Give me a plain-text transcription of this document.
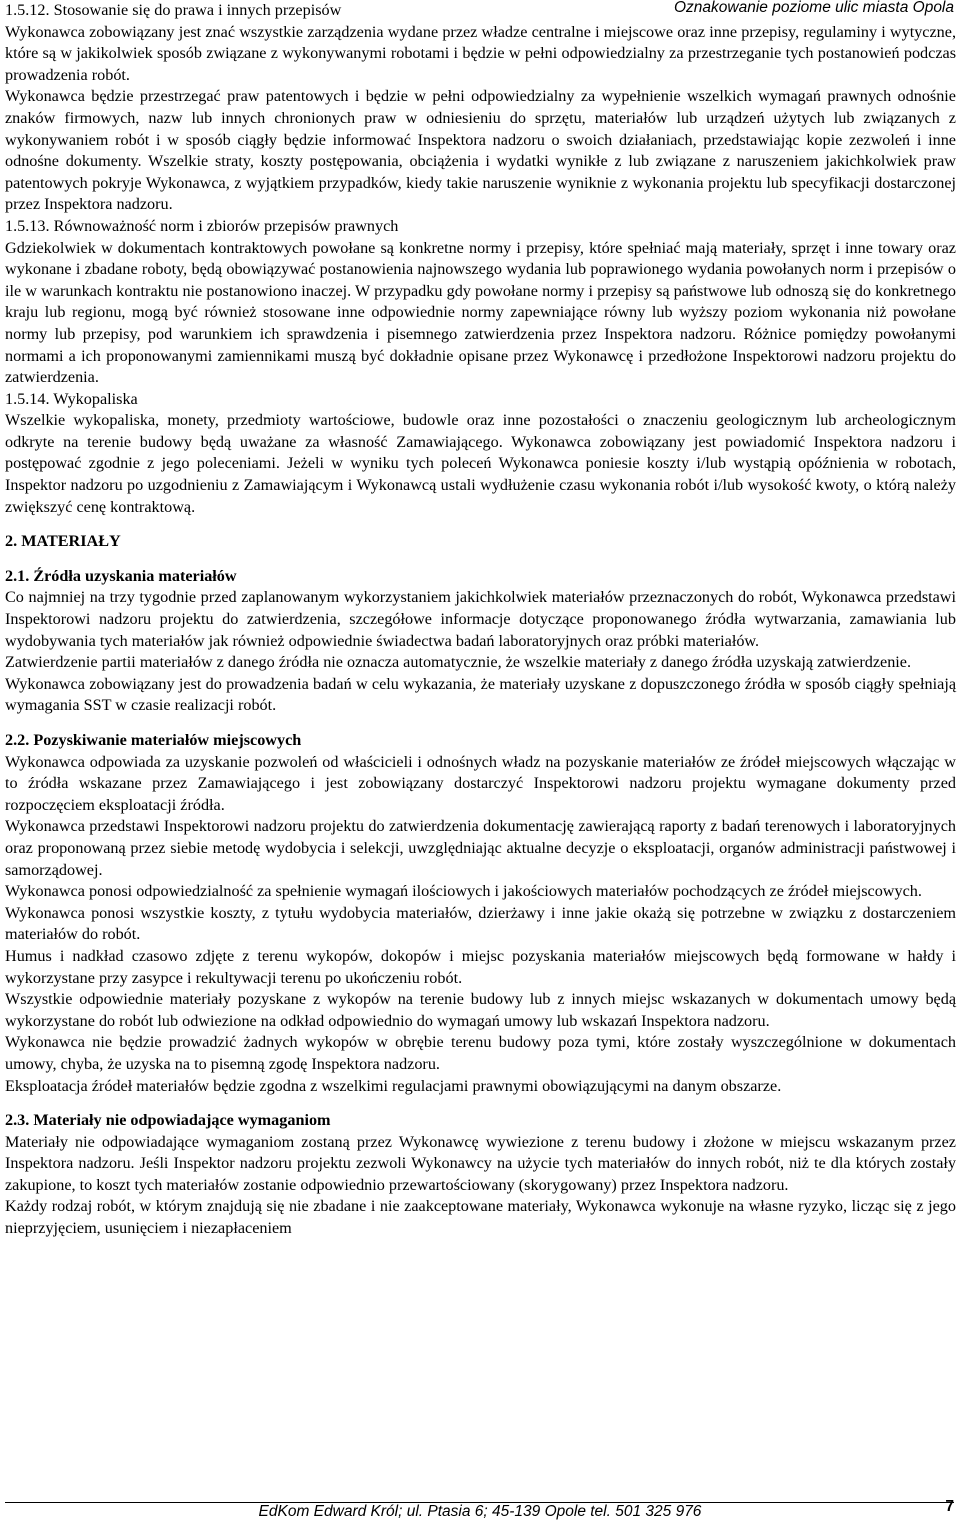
Oznakowanie poziome ulic miasta Opola

1.5.12. Stosowanie się do prawa i innych przepisów

Wykonawca zobowiązany jest znać wszystkie zarządzenia wydane przez władze centralne i miejscowe oraz inne przepisy, regulaminy i wytyczne, które są w jakikolwiek sposób związane z wykonywanymi robotami i będzie w pełni odpowiedzialny za przestrzeganie tych postanowień podczas prowadzenia robót.

Wykonawca będzie przestrzegać praw patentowych i będzie w pełni odpowiedzialny za wypełnienie wszelkich wymagań prawnych odnośnie znaków firmowych, nazw lub innych chronionych praw w odniesieniu do sprzętu, materiałów lub urządzeń użytych lub związanych z wykonywaniem robót i w sposób ciągły będzie informować Inspektora nadzoru o swoich działaniach, przedstawiając kopie zezwoleń i inne odnośne dokumenty. Wszelkie straty, koszty postępowania, obciążenia i wydatki wynikłe z lub związane z naruszeniem jakichkolwiek praw patentowych pokryje Wykonawca, z wyjątkiem przypadków, kiedy takie naruszenie wyniknie z wykonania projektu lub specyfikacji dostarczonej przez Inspektora nadzoru.

1.5.13. Równoważność norm i zbiorów przepisów prawnych

Gdziekolwiek w dokumentach kontraktowych powołane są konkretne normy i przepisy, które spełniać mają materiały, sprzęt i inne towary oraz wykonane i zbadane roboty, będą obowiązywać postanowienia najnowszego wydania lub poprawionego wydania powołanych norm i przepisów o ile w warunkach kontraktu nie postanowiono inaczej. W przypadku gdy powołane normy i przepisy są państwowe lub odnoszą się do konkretnego kraju lub regionu, mogą być również stosowane inne odpowiednie normy zapewniające równy lub wyższy poziom wykonania niż powołane normy lub przepisy, pod warunkiem ich sprawdzenia i pisemnego zatwierdzenia przez Inspektora nadzoru. Różnice pomiędzy powołanymi normami a ich proponowanymi zamiennikami muszą być dokładnie opisane przez Wykonawcę i przedłożone Inspektorowi nadzoru projektu do zatwierdzenia.

1.5.14. Wykopaliska

Wszelkie wykopaliska, monety, przedmioty wartościowe, budowle oraz inne pozostałości o znaczeniu geologicznym lub archeologicznym odkryte na terenie budowy będą uważane za własność Zamawiającego. Wykonawca zobowiązany jest powiadomić Inspektora nadzoru i postępować zgodnie z jego poleceniami. Jeżeli w wyniku tych poleceń Wykonawca poniesie koszty i/lub wystąpią opóźnienia w robotach, Inspektor nadzoru po uzgodnieniu z Zamawiającym i Wykonawcą ustali wydłużenie czasu wykonania robót i/lub wysokość kwoty, o którą należy zwiększyć cenę kontraktową.

2. MATERIAŁY

2.1. Źródła uzyskania materiałów

Co najmniej na trzy tygodnie przed zaplanowanym wykorzystaniem jakichkolwiek materiałów przeznaczonych do robót, Wykonawca przedstawi Inspektorowi nadzoru projektu do zatwierdzenia, szczegółowe informacje dotyczące proponowanego źródła wytwarzania, zamawiania lub wydobywania tych materiałów jak również odpowiednie świadectwa badań laboratoryjnych oraz próbki materiałów.

Zatwierdzenie partii materiałów z danego źródła nie oznacza automatycznie, że wszelkie materiały z danego źródła uzyskają zatwierdzenie.

Wykonawca zobowiązany jest do prowadzenia badań w celu wykazania, że materiały uzyskane z dopuszczonego źródła w sposób ciągły spełniają wymagania SST w czasie realizacji robót.

2.2. Pozyskiwanie materiałów miejscowych

Wykonawca odpowiada za uzyskanie pozwoleń od właścicieli i odnośnych władz na pozyskanie materiałów ze źródeł miejscowych włączając w to źródła wskazane przez Zamawiającego i jest zobowiązany dostarczyć Inspektorowi nadzoru projektu wymagane dokumenty przed rozpoczęciem eksploatacji źródła.

Wykonawca przedstawi Inspektorowi nadzoru projektu do zatwierdzenia dokumentację zawierającą raporty z badań terenowych i laboratoryjnych oraz proponowaną przez siebie metodę wydobycia i selekcji, uwzględniając aktualne decyzje o eksploatacji, organów administracji państwowej i samorządowej.

Wykonawca ponosi odpowiedzialność za spełnienie wymagań ilościowych i jakościowych materiałów pochodzących ze źródeł miejscowych.

Wykonawca ponosi wszystkie koszty, z tytułu wydobycia materiałów, dzierżawy i inne jakie okażą się potrzebne w związku z dostarczeniem materiałów do robót.

Humus i nadkład czasowo zdjęte z terenu wykopów, dokopów i miejsc pozyskania materiałów miejscowych będą formowane w hałdy i wykorzystane przy zasypce i rekultywacji terenu po ukończeniu robót.

Wszystkie odpowiednie materiały pozyskane z wykopów na terenie budowy lub z innych miejsc wskazanych w dokumentach umowy będą wykorzystane do robót lub odwiezione na odkład odpowiednio do wymagań umowy lub wskazań Inspektora nadzoru.

Wykonawca nie będzie prowadzić żadnych wykopów w obrębie terenu budowy poza tymi, które zostały wyszczególnione w dokumentach umowy, chyba, że uzyska na to pisemną zgodę Inspektora nadzoru.

Eksploatacja źródeł materiałów będzie zgodna z wszelkimi regulacjami prawnymi obowiązującymi na danym obszarze.

2.3. Materiały nie odpowiadające wymaganiom

Materiały nie odpowiadające wymaganiom zostaną przez Wykonawcę wywiezione z terenu budowy i złożone w miejscu wskazanym przez Inspektora nadzoru. Jeśli Inspektor nadzoru projektu zezwoli Wykonawcy na użycie tych materiałów do innych robót, niż te dla których zostały zakupione, to koszt tych materiałów zostanie odpowiednio przewartościowany (skorygowany) przez Inspektora nadzoru.

Każdy rodzaj robót, w którym znajdują się nie zbadane i nie zaakceptowane materiały, Wykonawca wykonuje na własne ryzyko, licząc się z jego nieprzyjęciem, usunięciem i niezapłaceniem

EdKom Edward Król; ul. Ptasia 6; 45-139 Opole tel. 501 325 976	7
